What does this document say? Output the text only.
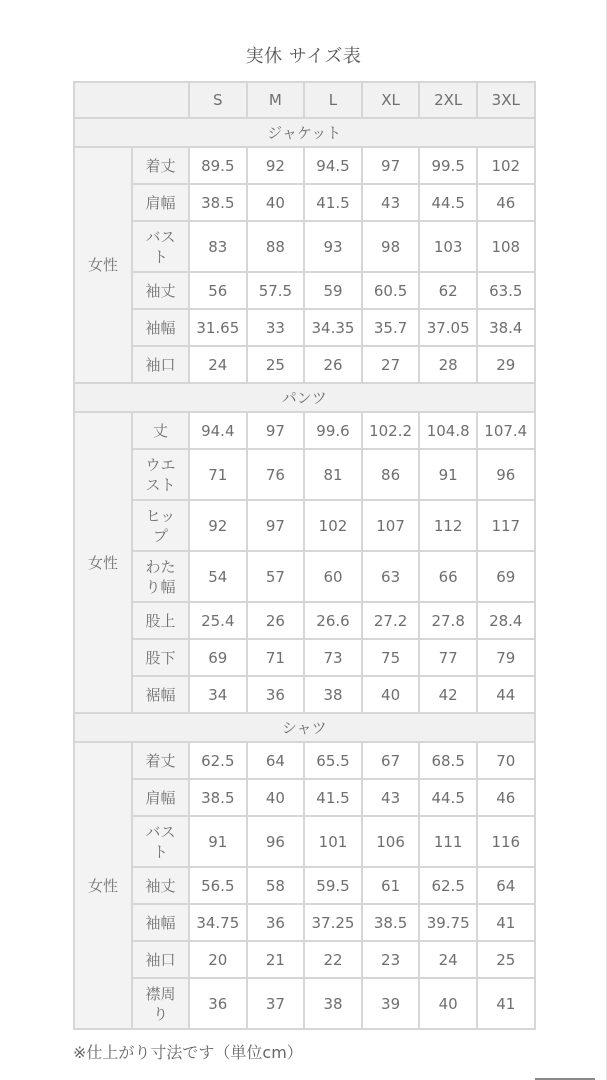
実休 サイズ表
		S	M	L	XL	2XL	3XL
ジャケット							
女性	着丈	89.5	92	94.5	97	99.5	102
	肩幅	38.5	40	41.5	43	44.5	46
	バスト	83	88	93	98	103	108
	袖丈	56	57.5	59	60.5	62	63.5
	袖幅	31.65	33	34.35	35.7	37.05	38.4
	袖口	24	25	26	27	28	29
パンツ							
女性	丈	94.4	97	99.6	102.2	104.8	107.4
	ウエスト	71	76	81	86	91	96
	ヒップ	92	97	102	107	112	117
	わたり幅	54	57	60	63	66	69
	股上	25.4	26	26.6	27.2	27.8	28.4
	股下	69	71	73	75	77	79
	裾幅	34	36	38	40	42	44
シャツ							
女性	着丈	62.5	64	65.5	67	68.5	70
	肩幅	38.5	40	41.5	43	44.5	46
	バスト	91	96	101	106	111	116
	袖丈	56.5	58	59.5	61	62.5	64
	袖幅	34.75	36	37.25	38.5	39.75	41
	袖口	20	21	22	23	24	25
	襟周り	36	37	38	39	40	41
※仕上がり寸法です（単位cm）
